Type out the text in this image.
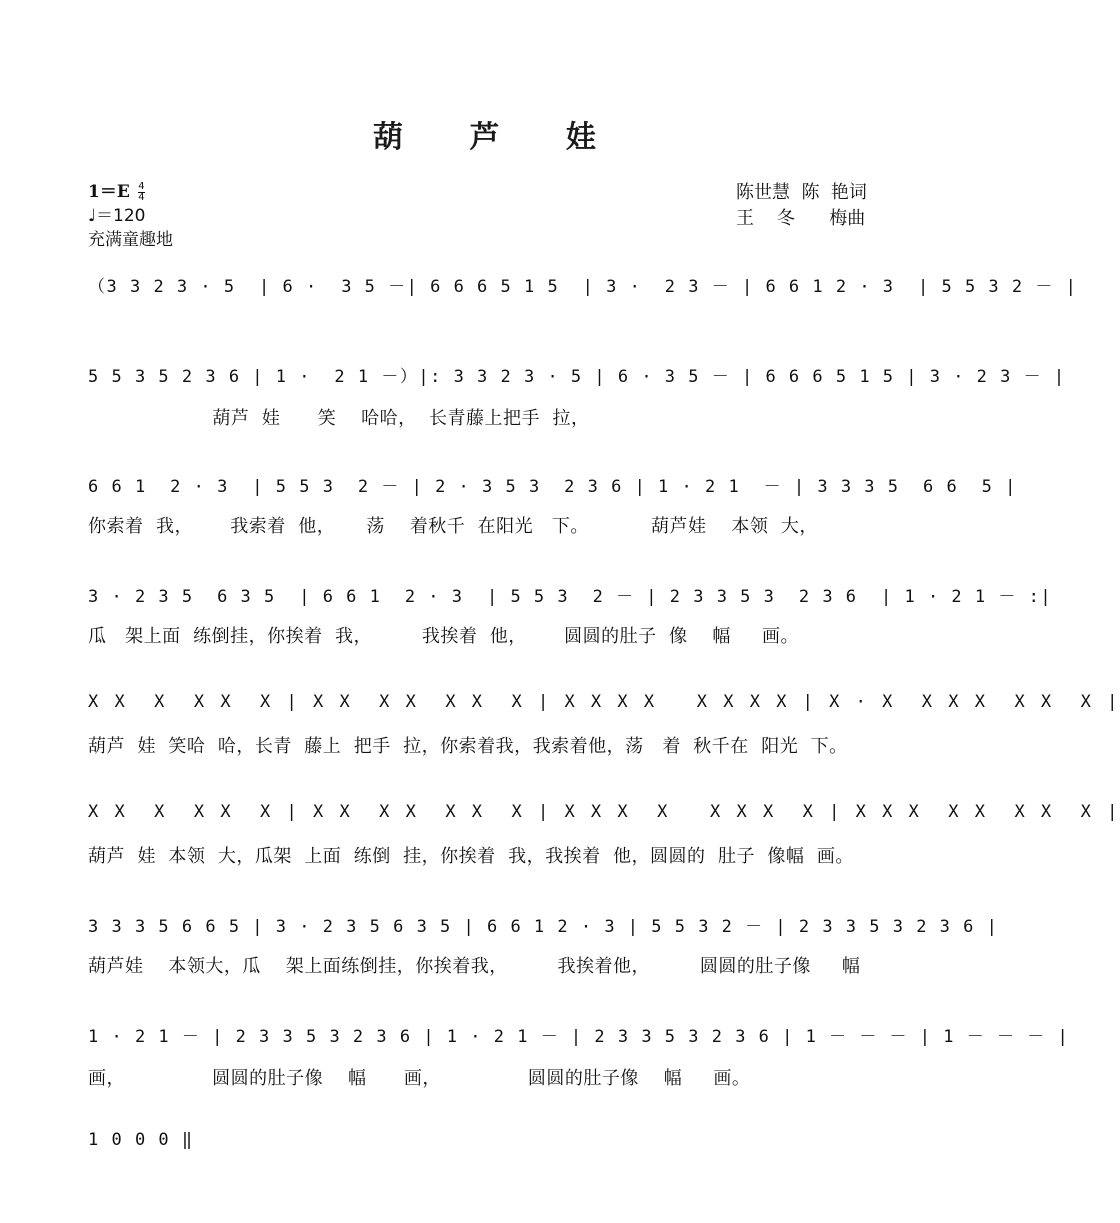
葫 芦 娃
$1=E \frac{4}{4}$
♩＝120
充满童趣地
陈世慧  陈  艳词
王    冬      梅曲
（3 3 2 3 · 5  | 6 ·  3 5 －| 6 6 6 5 1 5  | 3 ·  2 3 － | 6 6 1 2 · 3  | 5 5 3 2 － |
5 5 3 5 2 3 6 | 1 ·  2 1 －）|: 3 3 2 3 · 5 | 6 · 3 5 － | 6 6 6 5 1 5 | 3 · 2 3 － |
葫芦  娃      笑    哈哈，  长青藤上把手  拉，
6 6 1  2 · 3  | 5 5 3  2 － | 2 · 3 5 3  2 3 6 | 1 · 2 1  － | 3 3 3 5  6 6  5 |
你索着  我，      我索着  他，     荡    着秋千  在阳光   下。          葫芦娃    本领  大，
3 · 2 3 5  6 3 5  | 6 6 1  2 · 3  | 5 5 3  2 － | 2 3 3 5 3  2 3 6  | 1 · 2 1 － :|
瓜   架上面  练倒挂，你挨着  我，        我挨着  他，      圆圆的肚子  像    幅     画。
X X  X  X X  X | X X  X X  X X  X | X X X X   X X X X | X · X  X X X  X X  X |
葫芦  娃  笑哈  哈，长青  藤上  把手  拉，你索着我，我索着他，荡   着  秋千在  阳光  下。
X X  X  X X  X | X X  X X  X X  X | X X X  X   X X X  X | X X X  X X  X X  X |
葫芦  娃  本领  大，瓜架  上面  练倒  挂，你挨着  我，我挨着  他，圆圆的  肚子  像幅  画。
3 3 3 5 6 6 5 | 3 · 2 3 5 6 3 5 | 6 6 1 2 · 3 | 5 5 3 2 － | 2 3 3 5 3 2 3 6 |
葫芦娃    本领大，瓜    架上面练倒挂，你挨着我，        我挨着他，        圆圆的肚子像     幅
1 · 2 1 － | 2 3 3 5 3 2 3 6 | 1 · 2 1 － | 2 3 3 5 3 2 3 6 | 1 － － － | 1 － － － |
画，              圆圆的肚子像    幅      画，              圆圆的肚子像    幅     画。
1 0 0 0 ‖
